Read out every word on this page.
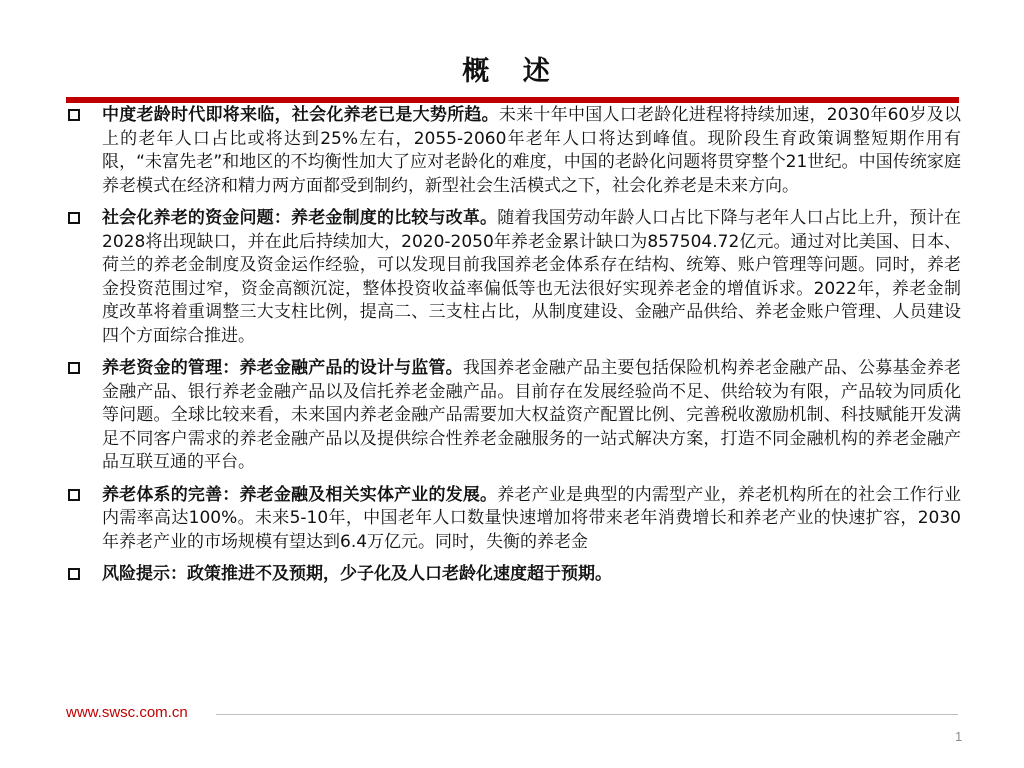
概 述
中度老龄时代即将来临，社会化养老已是大势所趋。未来十年中国人口老龄化进程将持续加速，2030年60岁及以上的老年人口占比或将达到25%左右，2055-2060年老年人口将达到峰值。现阶段生育政策调整短期作用有限，“未富先老”和地区的不均衡性加大了应对老龄化的难度，中国的老龄化问题将贯穿整个21世纪。中国传统家庭养老模式在经济和精力两方面都受到制约，新型社会生活模式之下，社会化养老是未来方向。
社会化养老的资金问题：养老金制度的比较与改革。随着我国劳动年龄人口占比下降与老年人口占比上升，预计在2028将出现缺口，并在此后持续加大，2020-2050年养老金累计缺口为857504.72亿元。通过对比美国、日本、荷兰的养老金制度及资金运作经验，可以发现目前我国养老金体系存在结构、统筹、账户管理等问题。同时，养老金投资范围过窄，资金高额沉淀，整体投资收益率偏低等也无法很好实现养老金的增值诉求。2022年，养老金制度改革将着重调整三大支柱比例，提高二、三支柱占比，从制度建设、金融产品供给、养老金账户管理、人员建设四个方面综合推进。
养老资金的管理：养老金融产品的设计与监管。我国养老金融产品主要包括保险机构养老金融产品、公募基金养老金融产品、银行养老金融产品以及信托养老金融产品。目前存在发展经验尚不足、供给较为有限，产品较为同质化等问题。全球比较来看，未来国内养老金融产品需要加大权益资产配置比例、完善税收激励机制、科技赋能开发满足不同客户需求的养老金融产品以及提供综合性养老金融服务的一站式解决方案，打造不同金融机构的养老金融产品互联互通的平台。
养老体系的完善：养老金融及相关实体产业的发展。养老产业是典型的内需型产业，养老机构所在的社会工作行业内需率高达100%。未来5-10年，中国老年人口数量快速增加将带来老年消费增长和养老产业的快速扩容，2030年养老产业的市场规模有望达到6.4万亿元。同时，失衡的养老金
风险提示：政策推进不及预期，少子化及人口老龄化速度超于预期。
www.swsc.com.cn
1
